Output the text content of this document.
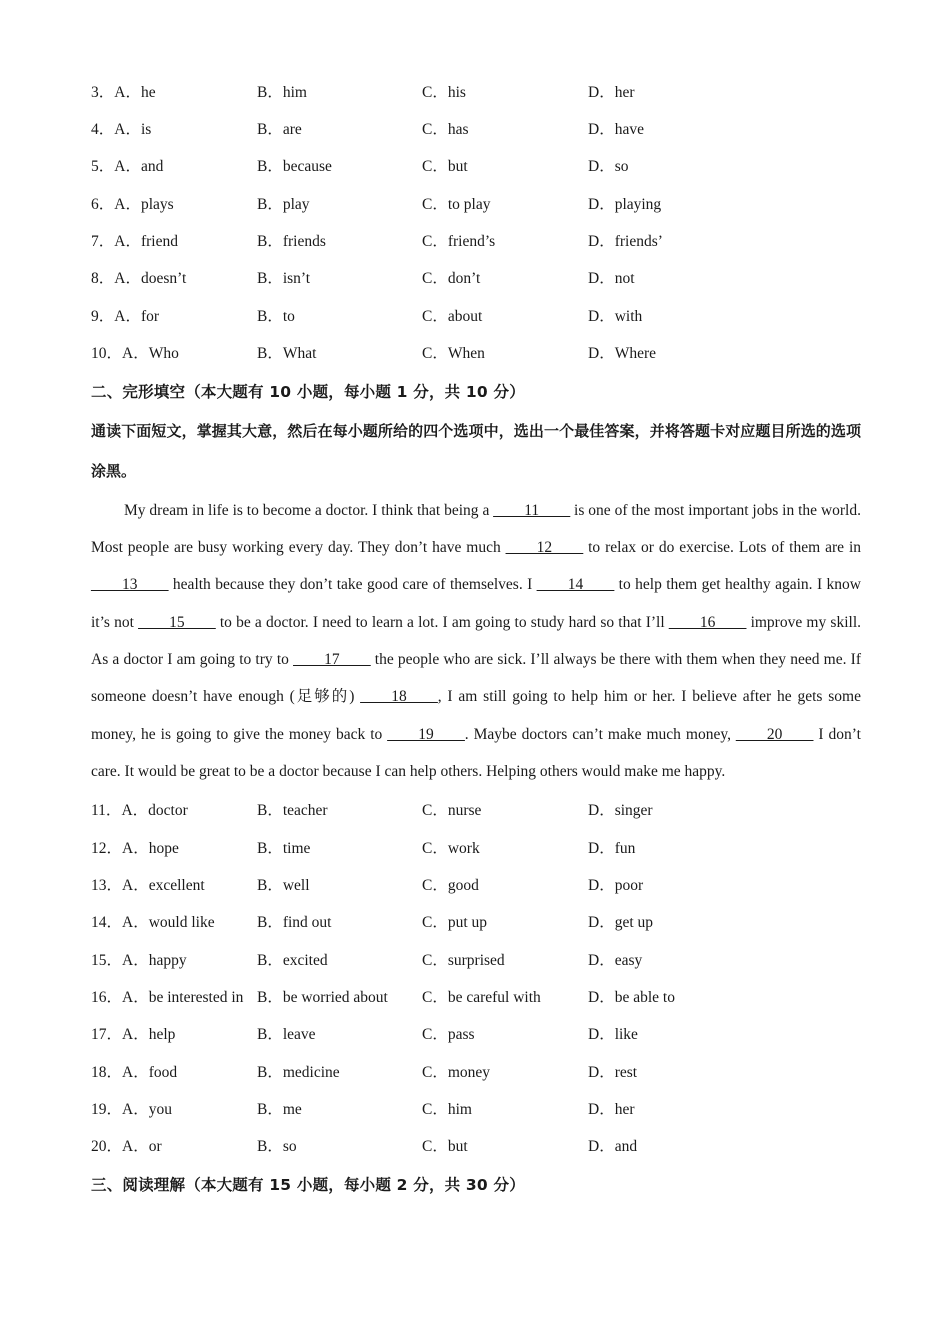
3．A．he	B．him	C．his	D．her
4．A．is	B．are	C．has	D．have
5．A．and	B．because	C．but	D．so
6．A．plays	B．play	C．to play	D．playing
7．A．friend	B．friends	C．friend’s	D．friends’
8．A．doesn’t	B．isn’t	C．don’t	D．not
9．A．for	B．to	C．about	D．with
10．A．Who	B．What	C．When	D．Where
二、完形填空（本大题有 10 小题，每小题 1 分，共 10 分）
通读下面短文，掌握其大意，然后在每小题所给的四个选项中，选出一个最佳答案，并将答题卡对应题目所选的选项涂黑。
My dream in life is to become a doctor. I think that being a ____11____ is one of the most important jobs in the world. Most people are busy working every day. They don’t have much ____12____ to relax or do exercise. Lots of them are in ____13____ health because they don’t take good care of themselves. I ____14____ to help them get healthy again. I know it’s not ____15____ to be a doctor. I need to learn a lot. I am going to study hard so that I’ll ____16____ improve my skill. As a doctor I am going to try to ____17____ the people who are sick. I’ll always be there with them when they need me. If someone doesn’t have enough (足够的) ____18____, I am still going to help him or her. I believe after he gets some money, he is going to give the money back to ____19____. Maybe doctors can’t make much money, ____20____ I don’t care. It would be great to be a doctor because I can help others. Helping others would make me happy.
11．A．doctor	B．teacher	C．nurse	D．singer
12．A．hope	B．time	C．work	D．fun
13．A．excellent	B．well	C．good	D．poor
14．A．would like	B．find out	C．put up	D．get up
15．A．happy	B．excited	C．surprised	D．easy
16．A．be interested in B．be worried about C．be careful with	D．be able to
17．A．help	B．leave	C．pass	D．like
18．A．food	B．medicine	C．money	D．rest
19．A．you	B．me	C．him	D．her
20．A．or	B．so	C．but	D．and
三、阅读理解（本大题有 15 小题，每小题 2 分，共 30 分）
